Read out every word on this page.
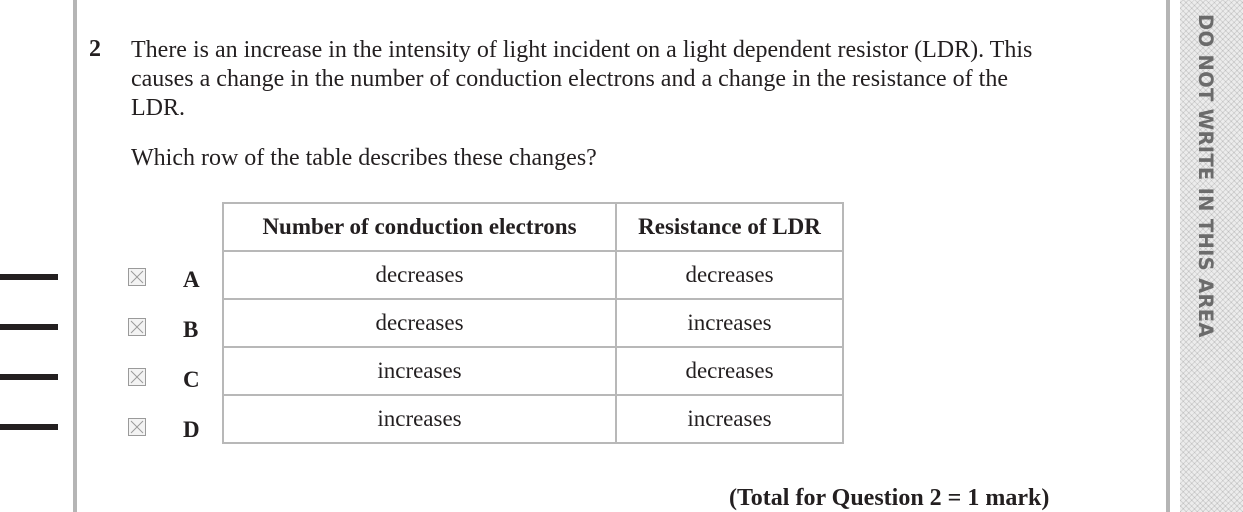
DO NOT WRITE IN THIS AREA
2 There is an increase in the intensity of light incident on a light dependent resistor (LDR). This causes a change in the number of conduction electrons and a change in the resistance of the LDR.
Which row of the table describes these changes?
Number of conduction electrons	Resistance of LDR
decreases	decreases
decreases	increases
increases	decreases
increases	increases
A
B
C
D
(Total for Question 2 = 1 mark)
